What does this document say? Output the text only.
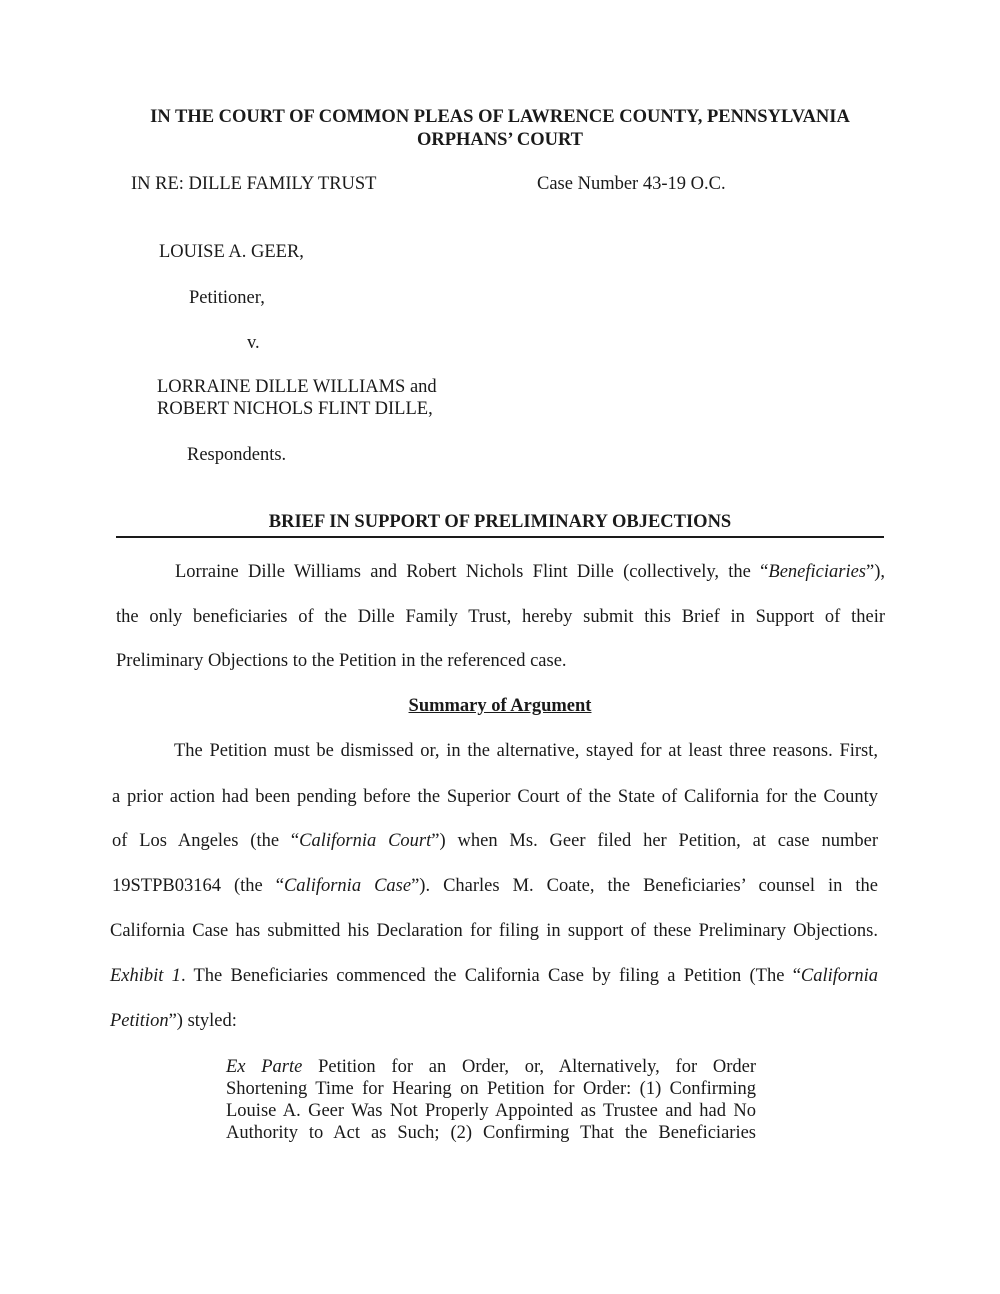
IN THE COURT OF COMMON PLEAS OF LAWRENCE COUNTY, PENNSYLVANIA

ORPHANS’ COURT

IN RE: DILLE FAMILY TRUST	Case Number 43-19 O.C.

LOUISE A. GEER,

Petitioner,

v.

LORRAINE DILLE WILLIAMS and

ROBERT NICHOLS FLINT DILLE,

Respondents.

BRIEF IN SUPPORT OF PRELIMINARY OBJECTIONS

Lorraine Dille Williams and Robert Nichols Flint Dille (collectively, the “Beneficiaries”),

the only beneficiaries of the Dille Family Trust, hereby submit this Brief in Support of their

Preliminary Objections to the Petition in the referenced case.

Summary of Argument

The Petition must be dismissed or, in the alternative, stayed for at least three reasons. First,

a prior action had been pending before the Superior Court of the State of California for the County

of Los Angeles (the “California Court”) when Ms. Geer filed her Petition, at case number

19STPB03164 (the “California Case”). Charles M. Coate, the Beneficiaries’ counsel in the

California Case has submitted his Declaration for filing in support of these Preliminary Objections.

Exhibit 1. The Beneficiaries commenced the California Case by filing a Petition (The “California

Petition”) styled:

Ex Parte Petition for an Order, or, Alternatively, for Order

Shortening Time for Hearing on Petition for Order: (1) Confirming

Louise A. Geer Was Not Properly Appointed as Trustee and had No

Authority to Act as Such; (2) Confirming That the Beneficiaries
